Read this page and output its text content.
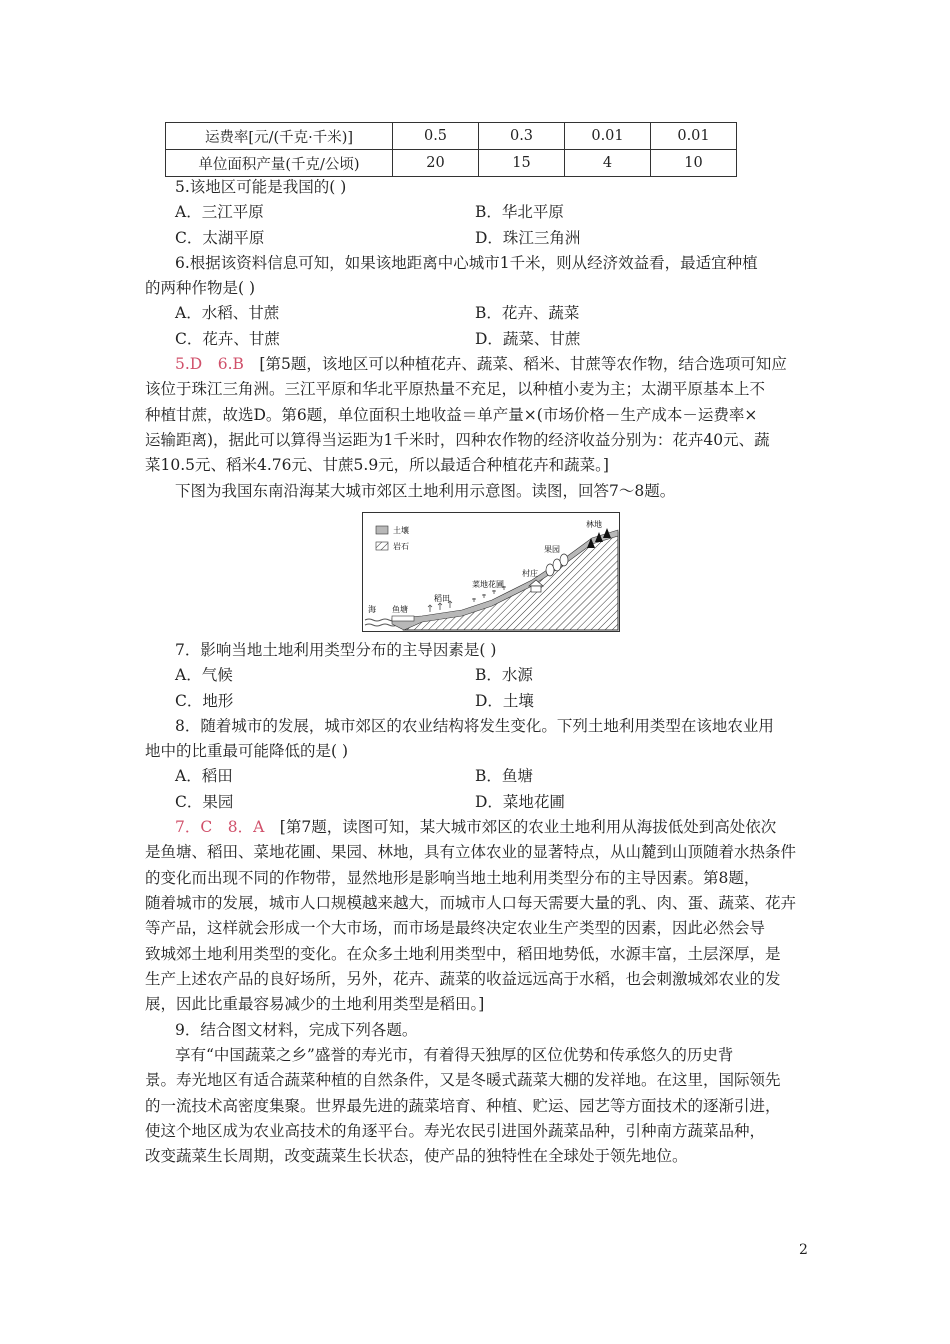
运费率[元/(千克·千米)]	0.5	0.3	0.01	0.01
单位面积产量(千克/公顷)	20	15	4	10
5.该地区可能是我国的( )
A．三江平原	B．华北平原
C．太湖平原	D．珠江三角洲
6.根据该资料信息可知，如果该地距离中心城市1千米，则从经济效益看，最适宜种植
的两种作物是( )
A．水稻、甘蔗	B．花卉、蔬菜
C．花卉、甘蔗	D．蔬菜、甘蔗
5.D　6.B　 [第5题，该地区可以种植花卉、蔬菜、稻米、甘蔗等农作物，结合选项可知应
该位于珠江三角洲。三江平原和华北平原热量不充足，以种植小麦为主；太湖平原基本上不
种植甘蔗，故选D。第6题，单位面积土地收益＝单产量×(市场价格－生产成本－运费率×
运输距离)，据此可以算得当运距为1千米时，四种农作物的经济收益分别为：花卉40元、蔬
菜10.5元、稻米4.76元、甘蔗5.9元，所以最适合种植花卉和蔬菜。]
下图为我国东南沿海某大城市郊区土地利用示意图。读图，回答7～8题。
土壤
岩石
海 鱼塘
稻田
菜地花圃
村庄
果园
林地
7．影响当地土地利用类型分布的主导因素是( )
A．气候	B．水源
C．地形	D．土壤
8．随着城市的发展，城市郊区的农业结构将发生变化。下列土地利用类型在该地农业用
地中的比重最可能降低的是( )
A．稻田	B．鱼塘
C．果园	D．菜地花圃
7．C　8．A　 [第7题，读图可知，某大城市郊区的农业土地利用从海拔低处到高处依次
是鱼塘、稻田、菜地花圃、果园、林地，具有立体农业的显著特点，从山麓到山顶随着水热条件
的变化而出现不同的作物带，显然地形是影响当地土地利用类型分布的主导因素。第8题，
随着城市的发展，城市人口规模越来越大，而城市人口每天需要大量的乳、肉、蛋、蔬菜、花卉
等产品，这样就会形成一个大市场，而市场是最终决定农业生产类型的因素，因此必然会导
致城郊土地利用类型的变化。在众多土地利用类型中，稻田地势低，水源丰富，土层深厚，是
生产上述农产品的良好场所，另外，花卉、蔬菜的收益远远高于水稻，也会刺激城郊农业的发
展，因此比重最容易减少的土地利用类型是稻田。]
9．结合图文材料，完成下列各题。
享有“中国蔬菜之乡”盛誉的寿光市，有着得天独厚的区位优势和传承悠久的历史背
景。寿光地区有适合蔬菜种植的自然条件，又是冬暖式蔬菜大棚的发祥地。在这里，国际领先
的一流技术高密度集聚。世界最先进的蔬菜培育、种植、贮运、园艺等方面技术的逐渐引进，
使这个地区成为农业高技术的角逐平台。寿光农民引进国外蔬菜品种，引种南方蔬菜品种，
改变蔬菜生长周期，改变蔬菜生长状态，使产品的独特性在全球处于领先地位。
2
